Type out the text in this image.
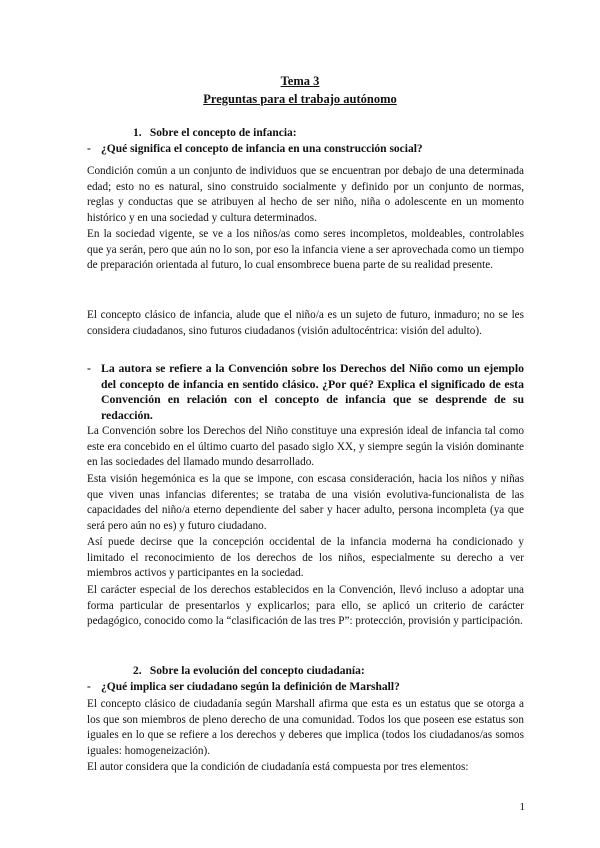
Tema 3
Preguntas para el trabajo autónomo
1. Sobre el concepto de infancia:
- ¿Qué significa el concepto de infancia en una construcción social?

Condición común a un conjunto de individuos que se encuentran por debajo de una determinada edad; esto no es natural, sino construido socialmente y definido por un conjunto de normas, reglas y conductas que se atribuyen al hecho de ser niño, niña o adolescente en un momento histórico y en una sociedad y cultura determinados.

En la sociedad vigente, se ve a los niños/as como seres incompletos, moldeables, controlables que ya serán, pero que aún no lo son, por eso la infancia viene a ser aprovechada como un tiempo de preparación orientada al futuro, lo cual ensombrece buena parte de su realidad presente.

El concepto clásico de infancia, alude que el niño/a es un sujeto de futuro, inmaduro; no se les considera ciudadanos, sino futuros ciudadanos (visión adultocéntrica: visión del adulto).

- La autora se refiere a la Convención sobre los Derechos del Niño como un ejemplo del concepto de infancia en sentido clásico. ¿Por qué? Explica el significado de esta Convención en relación con el concepto de infancia que se desprende de su redacción.

La Convención sobre los Derechos del Niño constituye una expresión ideal de infancia tal como este era concebido en el último cuarto del pasado siglo XX, y siempre según la visión dominante en las sociedades del llamado mundo desarrollado.

Esta visión hegemónica es la que se impone, con escasa consideración, hacia los niños y niñas que viven unas infancias diferentes; se trataba de una visión evolutiva-funcionalista de las capacidades del niño/a eterno dependiente del saber y hacer adulto, persona incompleta (ya que será pero aún no es) y futuro ciudadano.

Así puede decirse que la concepción occidental de la infancia moderna ha condicionado y limitado el reconocimiento de los derechos de los niños, especialmente su derecho a ver miembros activos y participantes en la sociedad.

El carácter especial de los derechos establecidos en la Convención, llevó incluso a adoptar una forma particular de presentarlos y explicarlos; para ello, se aplicó un criterio de carácter pedagógico, conocido como la “clasificación de las tres P”: protección, provisión y participación.

2. Sobre la evolución del concepto ciudadanía:
- ¿Qué implica ser ciudadano según la definición de Marshall?

El concepto clásico de ciudadanía según Marshall afirma que esta es un estatus que se otorga a los que son miembros de pleno derecho de una comunidad. Todos los que poseen ese estatus son iguales en lo que se refiere a los derechos y deberes que implica (todos los ciudadanos/as somos iguales: homogeneización).

El autor considera que la condición de ciudadanía está compuesta por tres elementos:

1
